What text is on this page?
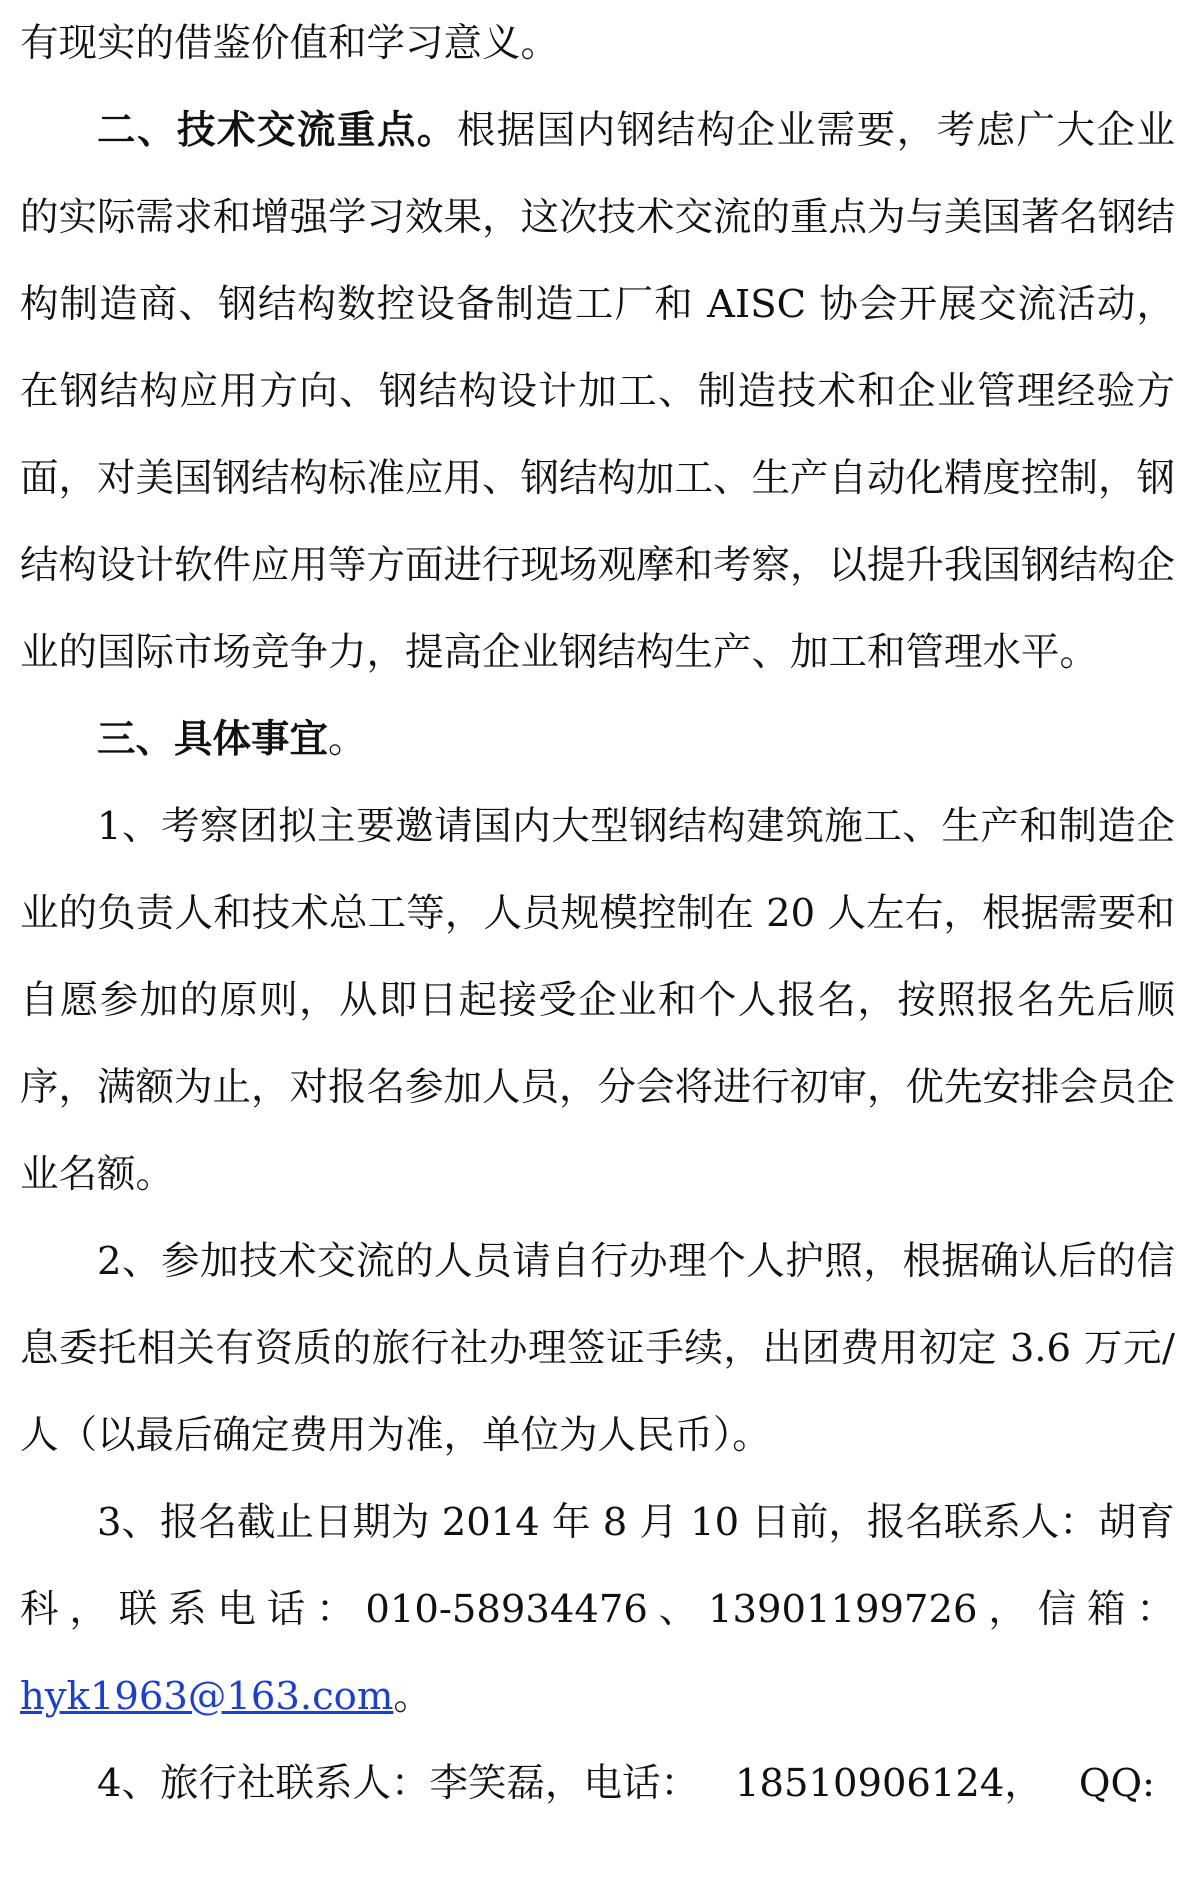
有现实的借鉴价值和学习意义。

二、技术交流重点。根据国内钢结构企业需要，考虑广大企业的实际需求和增强学习效果，这次技术交流的重点为与美国著名钢结构制造商、钢结构数控设备制造工厂和 AISC 协会开展交流活动，在钢结构应用方向、钢结构设计加工、制造技术和企业管理经验方面，对美国钢结构标准应用、钢结构加工、生产自动化精度控制，钢结构设计软件应用等方面进行现场观摩和考察，以提升我国钢结构企业的国际市场竞争力，提高企业钢结构生产、加工和管理水平。

三、具体事宜。

1、考察团拟主要邀请国内大型钢结构建筑施工、生产和制造企业的负责人和技术总工等，人员规模控制在 20 人左右，根据需要和自愿参加的原则，从即日起接受企业和个人报名，按照报名先后顺序，满额为止，对报名参加人员，分会将进行初审，优先安排会员企业名额。

2、参加技术交流的人员请自行办理个人护照，根据确认后的信息委托相关有资质的旅行社办理签证手续，出团费用初定 3.6 万元/人（以最后确定费用为准，单位为人民币）。

3、报名截止日期为 2014 年 8 月 10 日前，报名联系人：胡育

科 ， 联 系 电 话 ： 010-58934476 、 13901199726 ， 信 箱 ：

hyk1963@163.com。

4、旅行社联系人：李笑磊，电话： 18510906124， QQ:
